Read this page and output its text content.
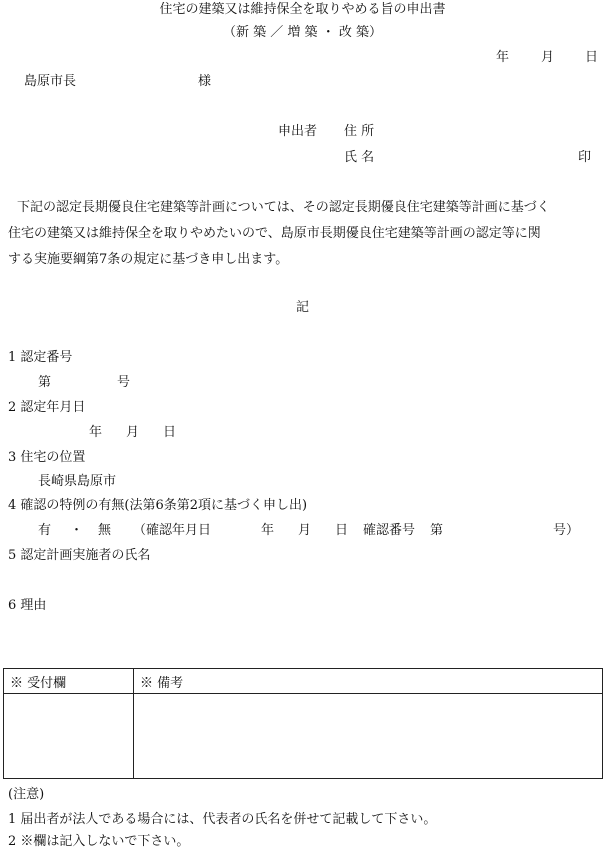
住宅の建築又は維持保全を取りやめる旨の申出書
（新 築 ／ 増 築 ・ 改 築）
年 月 日
島原市長	様
申出者 住 所
氏 名	印
下記の認定長期優良住宅建築等計画については、その認定長期優良住宅建築等計画に基づく
住宅の建築又は維持保全を取りやめたいので、島原市長期優良住宅建築等計画の認定等に関
する実施要綱第7条の規定に基づき申し出ます。
記
1 認定番号
第	号
2 認定年月日
年 月 日
3 住宅の位置
長崎県島原市
4 確認の特例の有無(法第6条第2項に基づく申し出)
有 ・ 無 （確認年月日	年 月 日 確認番号 第	号）
5 認定計画実施者の氏名
6 理由
※ 受付欄	※ 備考

(注意)
1 届出者が法人である場合には、代表者の氏名を併せて記載して下さい。
2 ※欄は記入しないで下さい。
